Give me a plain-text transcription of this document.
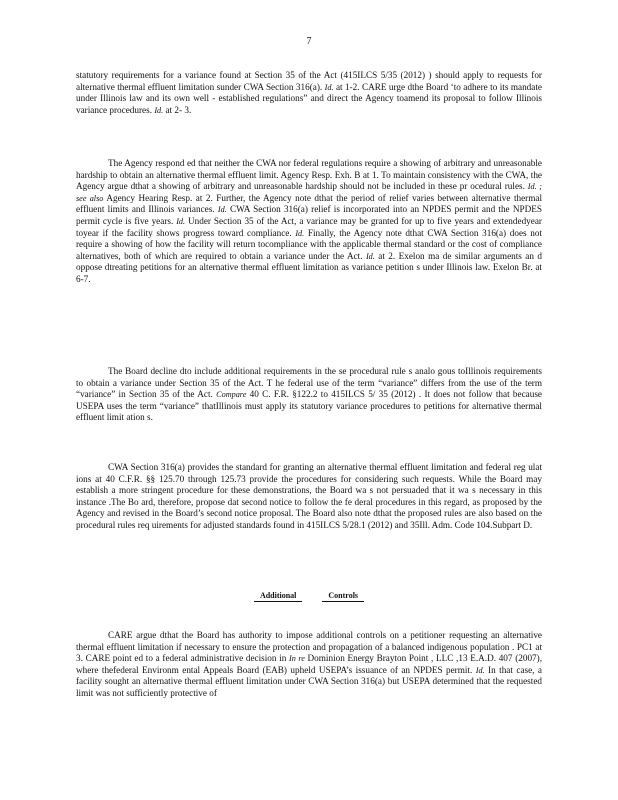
7

statutory requirements for a variance found at Section 35 of the Act (415ILCS 5/35 (2012) ) should apply to requests for alternative thermal effluent limitation sunder CWA Section 316(a). Id. at 1-2. CARE urge dthe Board ‘to adhere to its mandate under Illinois law and its own well - established regulations” and direct the Agency toamend its proposal to follow Illinois variance procedures. Id. at 2- 3.

The Agency respond ed that neither the CWA nor federal regulations require a showing of arbitrary and unreasonable hardship to obtain an alternative thermal effluent limit. Agency Resp. Exh. B at 1. To maintain consistency with the CWA, the Agency argue dthat a showing of arbitrary and unreasonable hardship should not be included in these pr ocedural rules. Id. ; see also Agency Hearing Resp. at 2. Further, the Agency note dthat the period of relief varies between alternative thermal effluent limits and Illinois variances. Id. CWA Section 316(a) relief is incorporated into an NPDES permit and the NPDES permit cycle is five years. Id. Under Section 35 of the Act, a variance may be granted for up to five years and extendedyear toyear if the facility shows progress toward compliance. Id. Finally, the Agency note dthat CWA Section 316(a) does not require a showing of how the facility will return tocompliance with the applicable thermal standard or the cost of compliance alternatives, both of which are required to obtain a variance under the Act. Id. at 2. Exelon ma de similar arguments an d oppose dtreating petitions for an alternative thermal effluent limitation as variance petition s under Illinois law. Exelon Br. at 6-7.

The Board decline dto include additional requirements in the se procedural rule s analo gous toIllinois requirements to obtain a variance under Section 35 of the Act. T he federal use of the term “variance” differs from the use of the term “variance” in Section 35 of the Act. Compare 40 C. F.R. §122.2 to 415ILCS 5/ 35 (2012) . It does not follow that because USEPA uses the term “variance” thatIllinois must apply its statutory variance procedures to petitions for alternative thermal effluent limit ation s.

CWA Section 316(a) provides the standard for granting an alternative thermal effluent limitation and federal reg ulat ions at 40 C.F.R. §§ 125.70 through 125.73 provide the procedures for considering such requests. While the Board may establish a more stringent procedure for these demonstrations, the Board wa s not persuaded that it wa s necessary in this instance .The Bo ard, therefore, propose dat second notice to follow the fe deral procedures in this regard, as proposed by the Agency and revised in the Board’s second notice proposal. The Board also note dthat the proposed rules are also based on the procedural rules req uirements for adjusted standards found in 415ILCS 5/28.1 (2012) and 35Ill. Adm. Code 104.Subpart D.

Additional	Controls

CARE argue dthat the Board has authority to impose additional controls on a petitioner requesting an alternative thermal effluent limitation if necessary to ensure the protection and propagation of a balanced indigenous population . PC1 at 3. CARE point ed to a federal administrative decision in In re Dominion Energy Brayton Point , LLC ,13 E.A.D. 407 (2007), where thefederal Environm ental Appeals Board (EAB) upheld USEPA’s issuance of an NPDES permit. Id. In that case, a facility sought an alternative thermal effluent limitation under CWA Section 316(a) but USEPA determined that the requested limit was not sufficiently protective of
